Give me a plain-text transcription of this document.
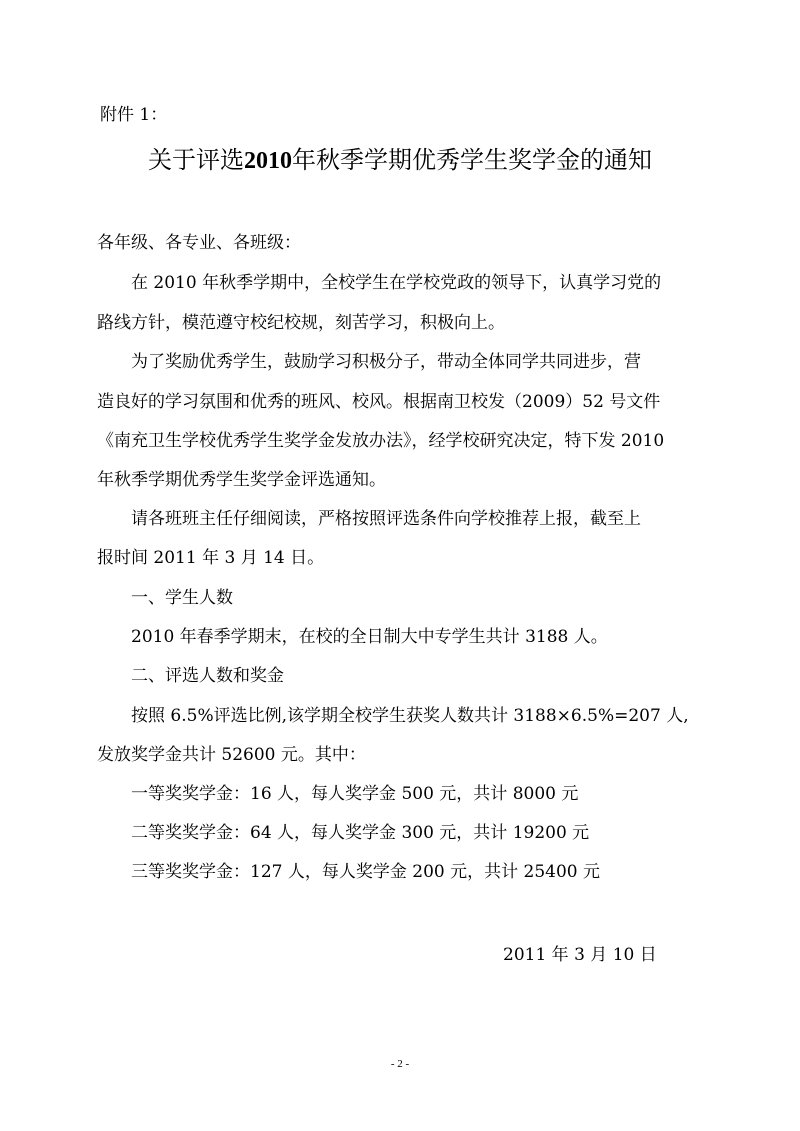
附件 1：
关于评选2010年秋季学期优秀学生奖学金的通知
各年级、各专业、各班级：
在 2010 年秋季学期中，全校学生在学校党政的领导下，认真学习党的
路线方针，模范遵守校纪校规，刻苦学习，积极向上。
为了奖励优秀学生，鼓励学习积极分子，带动全体同学共同进步，营
造良好的学习氛围和优秀的班风、校风。根据南卫校发（2009）52 号文件
《南充卫生学校优秀学生奖学金发放办法》，经学校研究决定，特下发 2010
年秋季学期优秀学生奖学金评选通知。
请各班班主任仔细阅读，严格按照评选条件向学校推荐上报，截至上
报时间 2011 年 3 月 14 日。
一、学生人数
2010 年春季学期末，在校的全日制大中专学生共计 3188 人。
二、评选人数和奖金
按照 6.5%评选比例,该学期全校学生获奖人数共计 3188×6.5%=207 人,
发放奖学金共计 52600 元。其中：
一等奖奖学金：16 人，每人奖学金 500 元，共计 8000 元
二等奖奖学金：64 人，每人奖学金 300 元，共计 19200 元
三等奖奖学金：127 人，每人奖学金 200 元，共计 25400 元
2011 年 3 月 10 日
- 2 -
